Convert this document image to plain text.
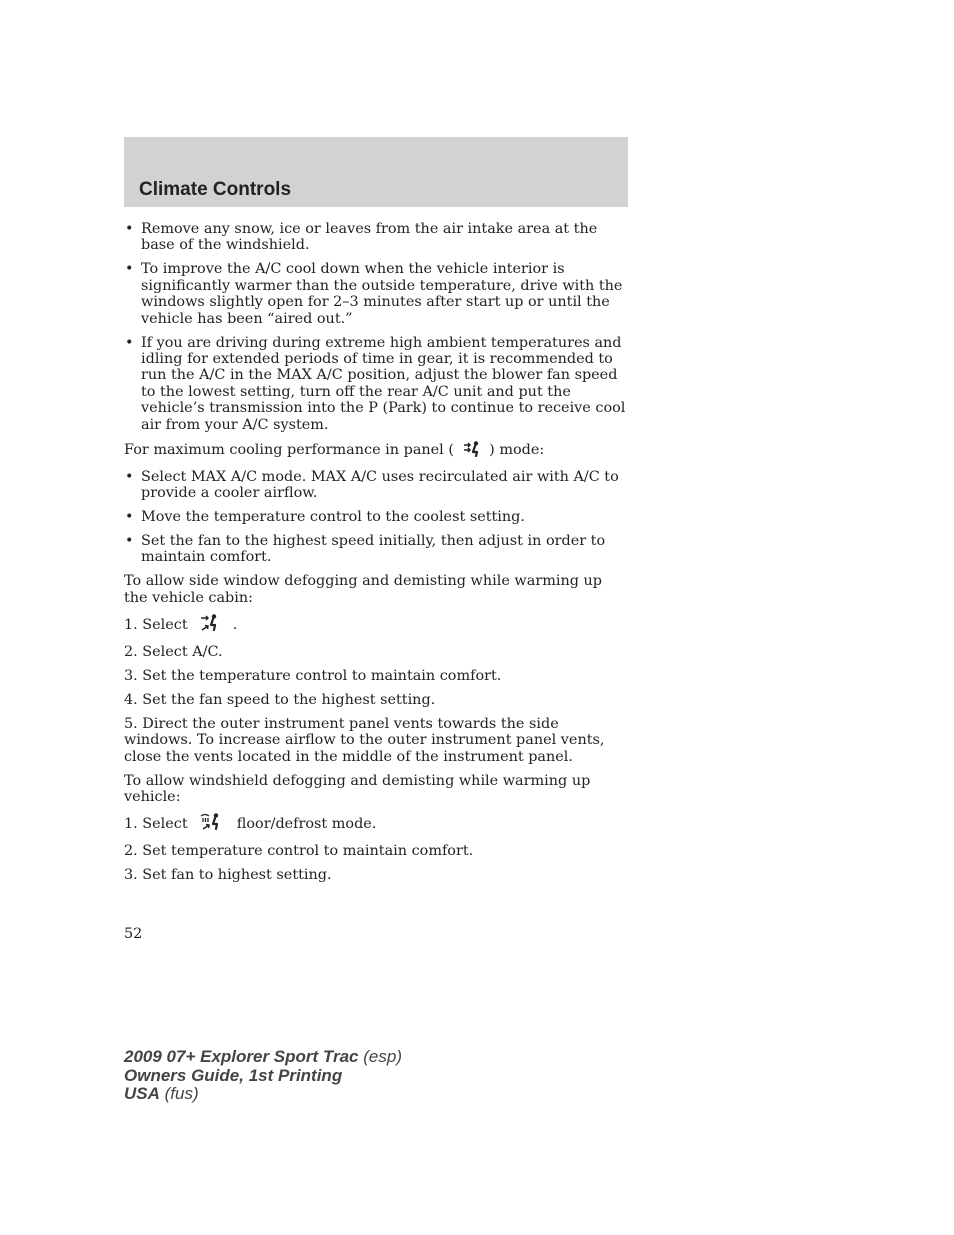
Climate Controls
• Remove any snow, ice or leaves from the air intake area at the base of the windshield.
• To improve the A/C cool down when the vehicle interior is significantly warmer than the outside temperature, drive with the windows slightly open for 2–3 minutes after start up or until the vehicle has been “aired out.”
• If you are driving during extreme high ambient temperatures and idling for extended periods of time in gear, it is recommended to run the A/C in the MAX A/C position, adjust the blower fan speed to the lowest setting, turn off the rear A/C unit and put the vehicle’s transmission into the P (Park) to continue to receive cool air from your A/C system.
For maximum cooling performance in panel ( ) mode:
• Select MAX A/C mode. MAX A/C uses recirculated air with A/C to provide a cooler airflow.
• Move the temperature control to the coolest setting.
• Set the fan to the highest speed initially, then adjust in order to maintain comfort.
To allow side window defogging and demisting while warming up the vehicle cabin:
1. Select	.
2. Select A/C.
3. Set the temperature control to maintain comfort.
4. Set the fan speed to the highest setting.
5. Direct the outer instrument panel vents towards the side windows. To increase airflow to the outer instrument panel vents, close the vents located in the middle of the instrument panel.
To allow windshield defogging and demisting while warming up vehicle:
1. Select	floor/defrost mode.
2. Set temperature control to maintain comfort.
3. Set fan to highest setting.
52
2009 07+ Explorer Sport Trac (esp)
Owners Guide, 1st Printing
USA (fus)
